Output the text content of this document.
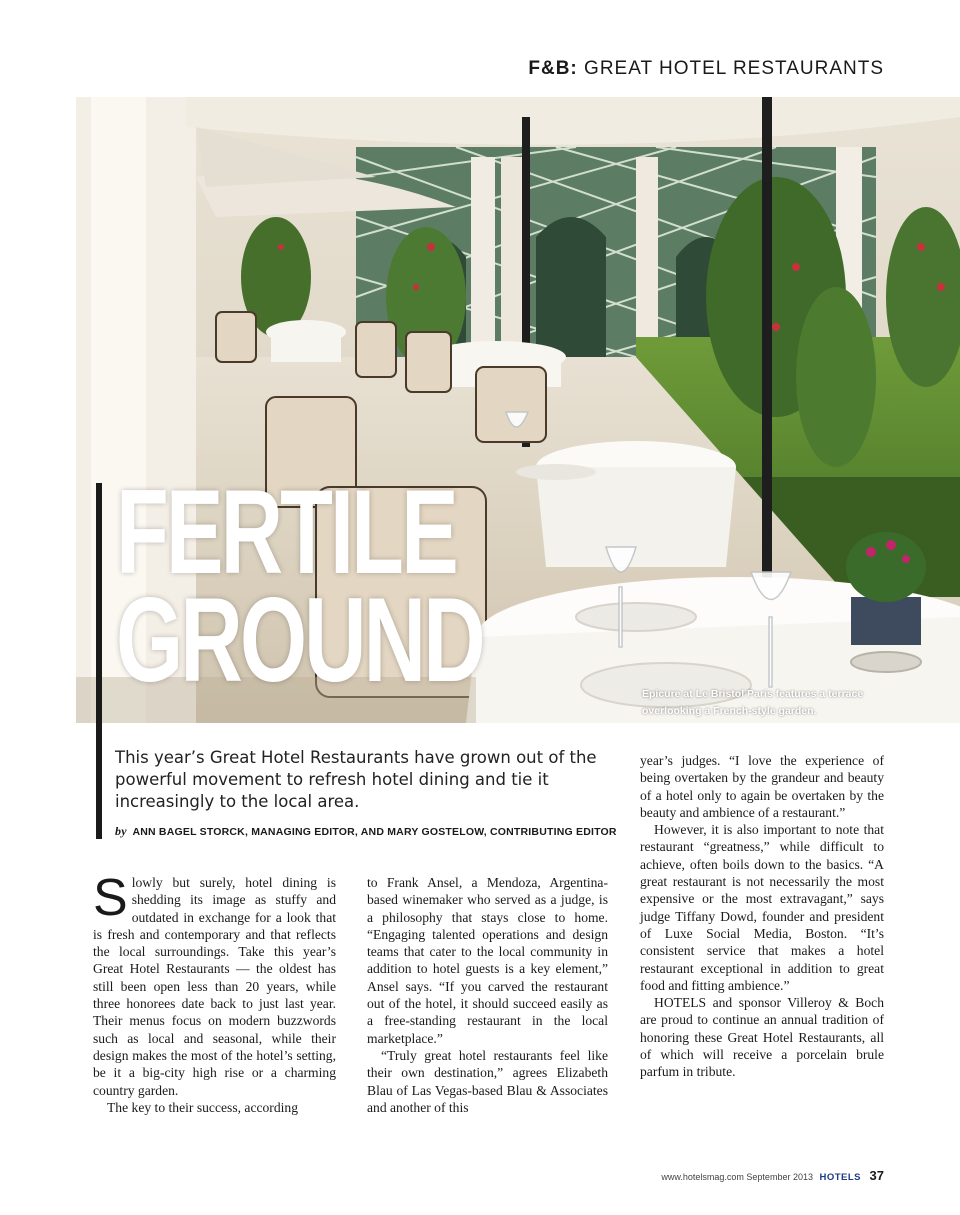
F&B: GREAT HOTEL RESTAURANTS
FERTILE
GROUND	Epicure at Le Bristol Paris features a terrace
overlooking a French-style garden.
This year’s Great Hotel Restaurants have grown out of the powerful movement to refresh hotel dining and tie it increasingly to the local area.
by ANN BAGEL STORCK, MANAGING EDITOR, AND MARY GOSTELOW, CONTRIBUTING EDITOR

Slowly but surely, hotel dining is shedding its image as stuffy and outdated in exchange for a look that is fresh and contemporary and that reflects the local surroundings. Take this year’s Great Hotel Restaurants — the oldest has still been open less than 20 years, while three honorees date back to just last year. Their menus focus on modern buzzwords such as local and seasonal, while their design makes the most of the hotel’s setting, be it a big-city high rise or a charming country garden.

The key to their success, according

to Frank Ansel, a Mendoza, Argentina-based winemaker who served as a judge, is a philosophy that stays close to home. “Engaging talented operations and design teams that cater to the local community in addition to hotel guests is a key element,” Ansel says. “If you carved the restaurant out of the hotel, it should succeed easily as a free-standing restaurant in the local marketplace.”

“Truly great hotel restaurants feel like their own destination,” agrees Elizabeth Blau of Las Vegas-based Blau & Associates and another of this

year’s judges. “I love the experience of being overtaken by the grandeur and beauty of a hotel only to again be overtaken by the beauty and ambience of a restaurant.”

However, it is also important to note that restaurant “greatness,” while difficult to achieve, often boils down to the basics. “A great restaurant is not necessarily the most expensive or the most extravagant,” says judge Tiffany Dowd, founder and president of Luxe Social Media, Boston. “It’s consistent service that makes a hotel restaurant exceptional in addition to great food and fitting ambience.”

HOTELS and sponsor Villeroy & Boch are proud to continue an annual tradition of honoring these Great Hotel Restaurants, all of which will receive a porcelain brule parfum in tribute.

www.hotelsmag.com September 2013 HOTELS 37
